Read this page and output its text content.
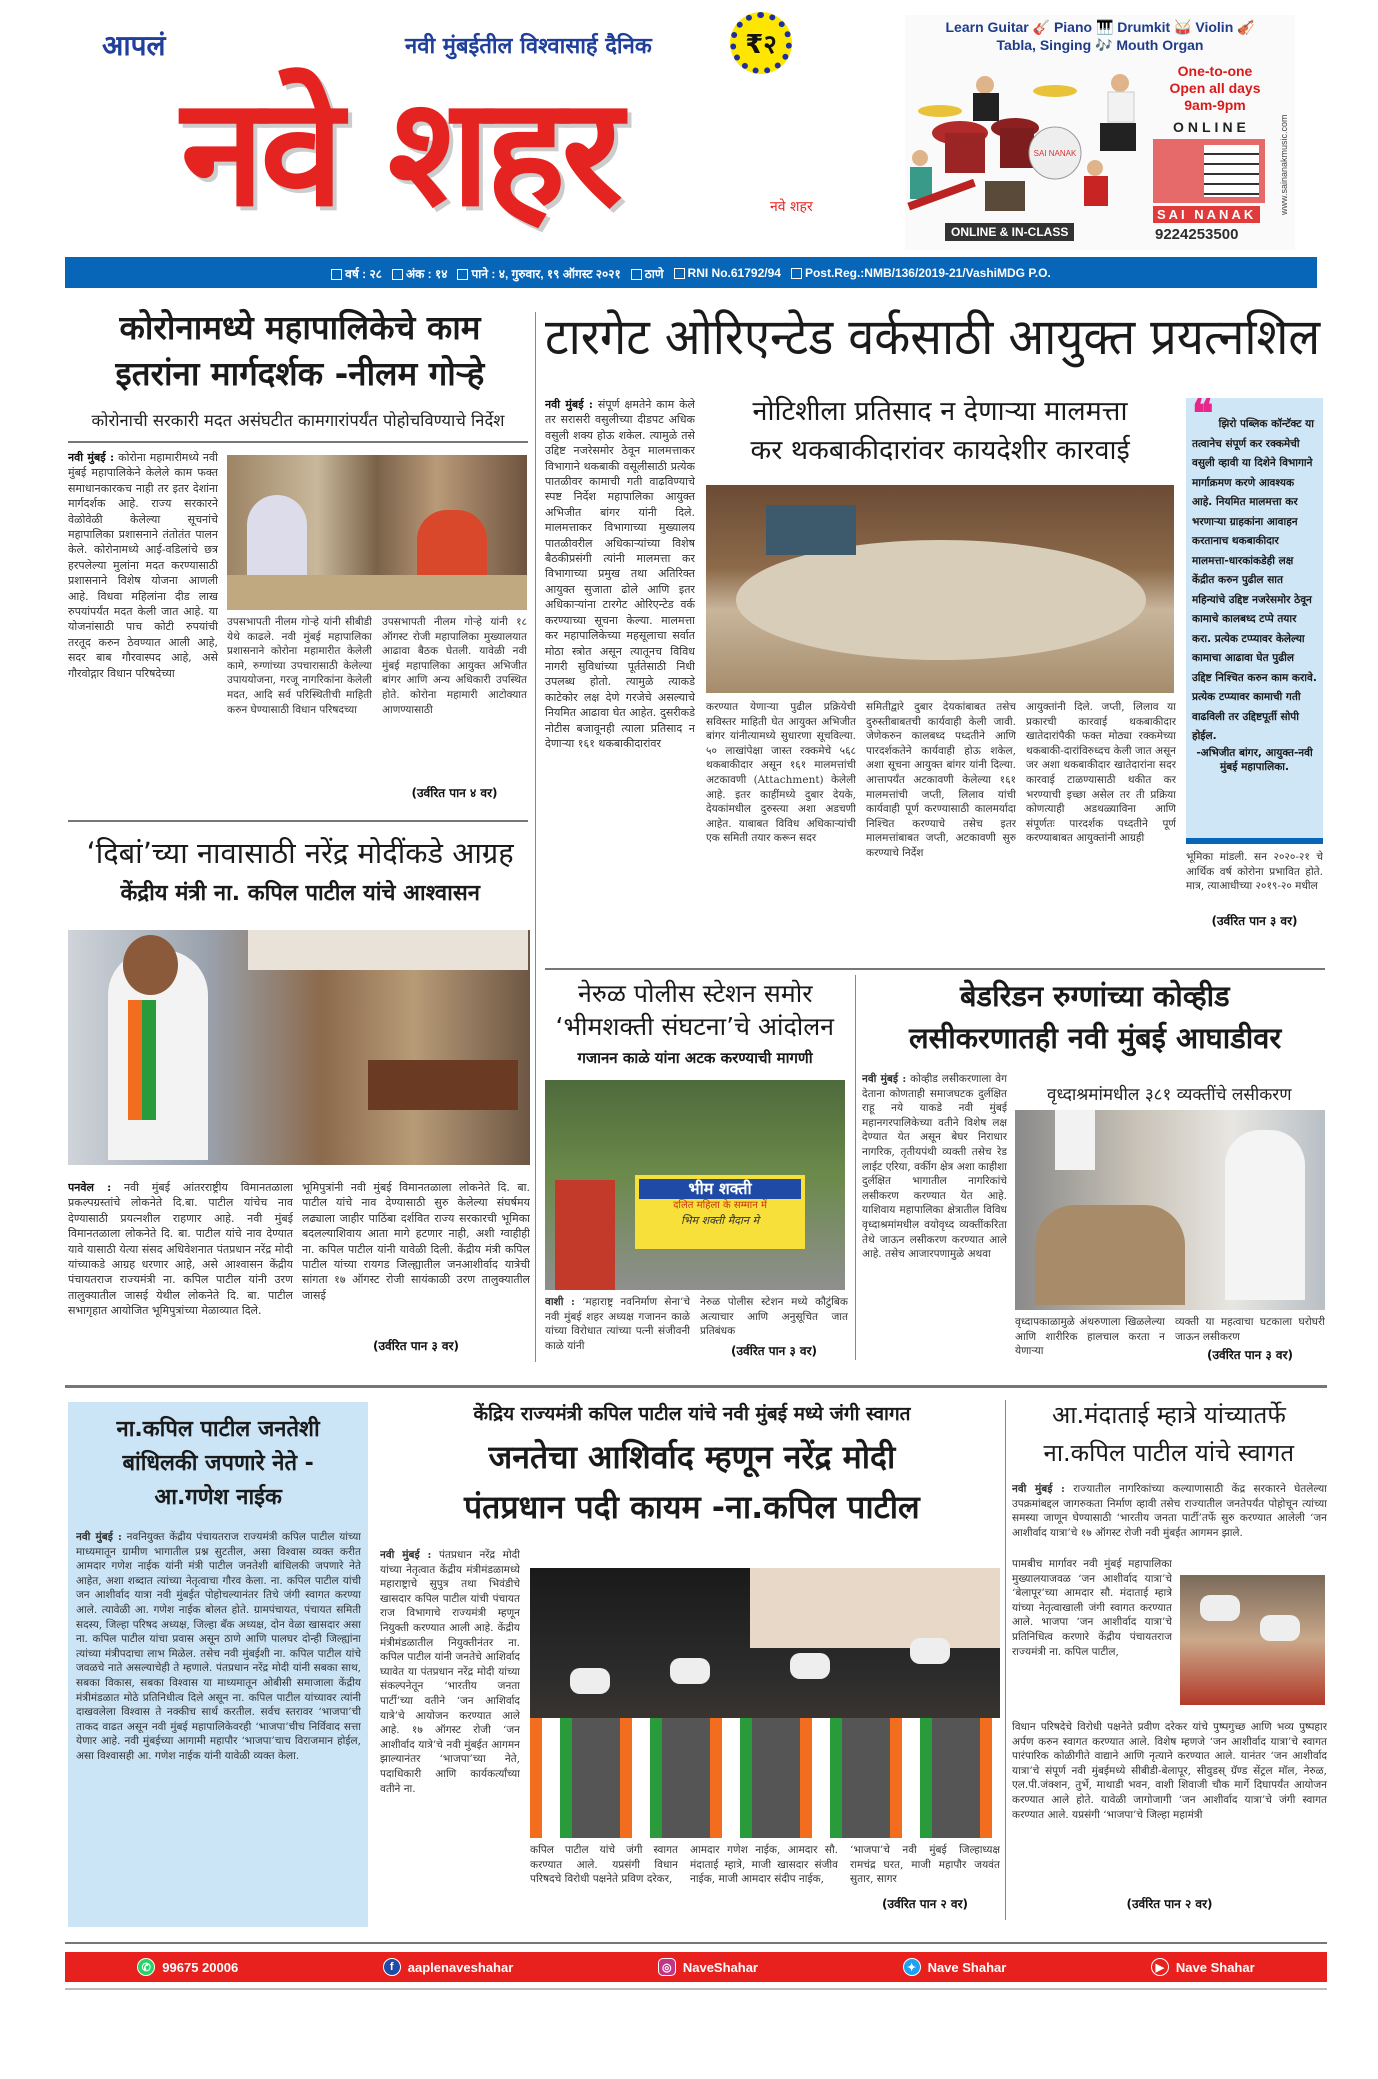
आपलं	नवी मुंबईतील विश्वासार्ह दैनिक	₹२
नवे शहर	नवे शहर
Learn Guitar 🎸 Piano 🎹 Drumkit 🥁 Violin 🎻
Tabla, Singing 🎶 Mouth Organ
SAI NANAK
ONLINE & IN-CLASS
One-to-one
Open all days
9am-9pm
ONLINE
SAI NANAK
9224253500
www.sainanakmusic.com
वर्ष : २८	अंक : १४	पाने : ४, गुरुवार, १९ ऑगस्ट २०२१	ठाणे	RNI No.61792/94	Post.Reg.:NMB/136/2019-21/VashiMDG P.O.
कोरोनामध्ये महापालिकेचे काम
इतरांना मार्गदर्शक -नीलम गोऱ्हे
कोरोनाची सरकारी मदत असंघटीत कामगारांपर्यंत पोहोचविण्याचे निर्देश
नवी मुंबई : कोरोना महामारीमध्ये नवी मुंबई महापालिकेने केलेले काम फक्त समाधानकारकच नाही तर इतर देशांना मार्गदर्शक आहे. राज्य सरकारने वेळोवेळी केलेल्या सूचनांचे महापालिका प्रशासनाने तंतोतंत पालन केले. कोरोनामध्ये आई-वडिलांचे छत्र हरपलेल्या मुलांना मदत करण्यासाठी प्रशासनाने विशेष योजना आणली आहे. विधवा महिलांना दीड लाख रुपयांपर्यंत मदत केली जात आहे. या योजनांसाठी पाच कोटी रुपयांची तरतूद करुन ठेवण्यात आली आहे, सदर बाब गौरवास्पद आहे, असे गौरवोद्गार विधान परिषदेच्या
उपसभापती नीलम गोऱ्हे यांनी सीबीडी येथे काढले. नवी मुंबई महापालिका प्रशासनाने कोरोना महामारीत केलेली कामे, रुग्णांच्या उपचारासाठी केलेल्या उपाययोजना, गरजू नागरिकांना केलेली मदत, आदि सर्व परिस्थितीची माहिती करुन घेण्यासाठी विधान परिषदच्या
उपसभापती नीलम गोऱ्हे यांनी १८ ऑगस्ट रोजी महापालिका मुख्यालयात आढावा बैठक घेतली. यावेळी नवी मुंबई महापालिका आयुक्त अभिजीत बांगर आणि अन्य अधिकारी उपस्थित होते. कोरोना महामारी आटोक्यात आणण्यासाठी
(उर्वरित पान ४ वर)
टारगेट ओरिएन्टेड वर्कसाठी आयुक्त प्रयत्नशिल
नवी मुंबई : संपूर्ण क्षमतेने काम केले तर सरासरी वसुलीच्या दीडपट अधिक वसुली शक्य होऊ शकेल. त्यामुळे तसे उद्दिष्ट नजरेसमोर ठेवून मालमत्ताकर विभागाने थकबाकी वसूलीसाठी प्रत्येक पातळीवर कामाची गती वाढविण्याचे स्पष्ट निर्देश महापालिका आयुक्त अभिजीत बांगर यांनी दिले. मालमत्ताकर विभागाच्या मुख्यालय पातळीवरील अधिकाऱ्यांच्या विशेष बैठकीप्रसंगी त्यांनी मालमत्ता कर विभागाच्या प्रमुख तथा अतिरिक्त आयुक्त सुजाता ढोले आणि इतर अधिकाऱ्यांना टारगेट ओरिएन्टेड वर्क करण्याच्या सूचना केल्या. मालमत्ता कर महापालिकेच्या महसूलाचा सर्वात मोठा स्त्रोत असून त्यातूनच विविध नागरी सुविधांच्या पूर्ततेसाठी निधी उपलब्ध होतो. त्यामुळे त्याकडे काटेकोर लक्ष देणे गरजेचे असल्याचे नियमित आढावा घेत आहेत. दुसरीकडे नोटीस बजावूनही त्याला प्रतिसाद न देणाऱ्या १६१ थकबाकीदारांवर
नोटिशीला प्रतिसाद न देणाऱ्या मालमत्ता
कर थकबाकीदारांवर कायदेशीर कारवाई
करण्यात येणाऱ्या पुढील प्रक्रियेची सविस्तर माहिती घेत आयुक्त अभिजीत बांगर यांनीत्यामध्ये सुधारणा सूचविल्या. ५० लाखांपेक्षा जास्त रक्कमेचे ५६८ थकबाकीदार असून १६१ मालमत्तांची अटकावणी (Attachment) केलेली आहे. इतर काहींमध्ये दुबार देयके, देयकांमधील दुरुस्त्या अशा अडचणी आहेत. याबाबत विविध अधिकाऱ्यांची एक समिती तयार करून सदर
समितीद्वारे दुबार देयकांबाबत तसेच दुरुस्तीबाबतची कार्यवाही केली जावी. जेणेकरुन कालबध्द पध्दतीने आणि पारदर्शकतेने कार्यवाही होऊ शकेल, अशा सूचना आयुक्त बांगर यांनी दिल्या. आत्तापर्यंत अटकावणी केलेल्या १६१ मालमत्तांची जप्ती, लिलाव यांची कार्यवाही पूर्ण करण्यासाठी कालमर्यादा निश्चित करण्याचे तसेच इतर मालमत्तांबाबत जप्ती, अटकावणी सुरु करण्याचे निर्देश
आयुक्तांनी दिले. जप्ती, लिलाव या प्रकारची कारवाई थकबाकीदार खातेदारांपैकी फक्त मोठ्या रक्कमेच्या थकबाकी-दारांविरुध्दच केली जात असून जर अशा थकबाकीदार खातेदारांना सदर कारवाई टाळण्यासाठी थकीत कर भरण्याची इच्छा असेल तर ती प्रक्रिया कोणत्याही अडथळ्याविना आणि संपूर्णतः पारदर्शक पध्दतीने पूर्ण करण्याबाबत आयुक्तांनी आग्रही
❝ झिरो पब्लिक कॉन्टॅक्ट या तत्वानेच संपूर्ण कर रक्कमेची वसुली व्हावी या दिशेने विभागाने मार्गाक्रमण करणे आवश्यक आहे. नियमित मालमत्ता कर भरणाऱ्या ग्राहकांना आवाहन करतानाच थकबाकीदार मालमत्ता-धारकांकडेही लक्ष केंद्रीत करुन पुढील सात महिन्यांचे उद्दिष्ट नजरेसमोर ठेवून कामाचे कालबध्द टप्पे तयार करा. प्रत्येक टप्प्यावर केलेल्या कामाचा आढावा घेत पुढील उद्दिष्ट निश्चित करुन काम करावे. प्रत्येक टप्प्यावर कामाची गती वाढविली तर उद्दिष्टपूर्ती सोपी होईल.
-अभिजीत बांगर, आयुक्त-नवी मुंबई महापालिका.
भूमिका मांडली. सन २०२०-२१ चे आर्थिक वर्ष कोरोना प्रभावित होते. मात्र, त्याआधीच्या २०१९-२० मधील
(उर्वरित पान ३ वर)
‘दिबां’च्या नावासाठी नरेंद्र मोदींकडे आग्रह
केंद्रीय मंत्री ना. कपिल पाटील यांचे आश्वासन
पनवेल : नवी मुंबई आंतरराष्ट्रीय विमानतळाला प्रकल्पग्रस्तांचे लोकनेते दि.बा. पाटील यांचेच नाव देण्यासाठी प्रयत्नशील राहणार आहे. नवी मुंबई विमानतळाला लोकनेते दि. बा. पाटील यांचे नाव देण्यात यावे यासाठी येत्या संसद अधिवेशनात पंतप्रधान नरेंद्र मोदी यांच्याकडे आग्रह धरणार आहे, असे आश्वासन केंद्रीय पंचायतराज राज्यमंत्री ना. कपिल पाटील यांनी उरण तालुक्यातील जासई येथील लोकनेते दि. बा. पाटील सभागृहात आयोजित भूमिपुत्रांच्या मेळाव्यात दिले.
भूमिपुत्रांनी नवी मुंबई विमानतळाला लोकनेते दि. बा. पाटील यांचे नाव देण्यासाठी सुरु केलेल्या संघर्षमय लढ्याला जाहीर पाठिंबा दर्शवित राज्य सरकारची भूमिका बदलल्याशिवाय आता मागे हटणार नाही, अशी ग्वाहीही ना. कपिल पाटील यांनी यावेळी दिली. केंद्रीय मंत्री कपिल पाटील यांच्या रायगड जिल्ह्यातील जनआशीर्वाद यात्रेची सांगता १७ ऑगस्ट रोजी सायंकाळी उरण तालुक्यातील जासई
(उर्वरित पान ३ वर)
नेरुळ पोलीस स्टेशन समोर
‘भीमशक्ती संघटना’चे आंदोलन
गजानन काळे यांना अटक करण्याची मागणी
भीम शक्ती
दलित महिला के सम्मान में
भिम शक्ती मैदान मे
वाशी : ‘महाराष्ट्र नवनिर्माण सेना’चे नवी मुंबई शहर अध्यक्ष गजानन काळे यांच्या विरोधात त्यांच्या पत्नी संजीवनी काळे यांनी
नेरुळ पोलीस स्टेशन मध्ये कौटुंबिक अत्याचार आणि अनुसूचित जात प्रतिबंधक
(उर्वरित पान ३ वर)
बेडरिडन रुग्णांच्या कोव्हीड
लसीकरणातही नवी मुंबई आघाडीवर
नवी मुंबई : कोव्हीड लसीकरणाला वेग देताना कोणताही समाजघटक दुर्लक्षित राहू नये याकडे नवी मुंबई महानगरपालिकेच्या वतीने विशेष लक्ष देण्यात येत असून बेघर निराधार नागरिक, तृतीयपंथी व्यक्ती तसेच रेड लाईट एरिया, वर्कीग क्षेत्र अशा काहीशा दुर्लक्षित भागातील नागरिकांचे लसीकरण करण्यात येत आहे. याशिवाय महापालिका क्षेत्रातील विविध वृध्दाश्रमांमधील वयोवृध्द व्यक्तींकरिता तेथे जाऊन लसीकरण करण्यात आले आहे. तसेच आजारपणामुळे अथवा
वृध्दाश्रमांमधील ३८१ व्यक्तींचे लसीकरण
वृध्दापकाळामुळे अंथरुणाला खिळलेल्या आणि शारीरिक हालचाल करता न येणाऱ्या
व्यक्ती या महत्वाचा घटकाला घरोघरी जाऊन लसीकरण
(उर्वरित पान ३ वर)
ना.कपिल पाटील जनतेशी
बांधिलकी जपणारे नेते -
आ.गणेश नाईक
नवी मुंबई : नवनियुक्त केंद्रीय पंचायतराज राज्यमंत्री कपिल पाटील यांच्या माध्यमातून ग्रामीण भागातील प्रश्न सुटतील, असा विश्वास व्यक्त करीत आमदार गणेश नाईक यांनी मंत्री पाटील जनतेशी बांधिलकी जपणारे नेते आहेत, अशा शब्दात त्यांच्या नेतृत्वाचा गौरव केला. ना. कपिल पाटील यांची जन आशीर्वाद यात्रा नवी मुंबईत पोहोचल्यानंतर तिचे जंगी स्वागत करण्या आले. त्यावेळी आ. गणेश नाईक बोलत होते. ग्रामपंचायत, पंचायत समिती सदस्य, जिल्हा परिषद अध्यक्ष, जिल्हा बँक अध्यक्ष, दोन वेळा खासदार असा ना. कपिल पाटील यांचा प्रवास असून ठाणे आणि पालघर दोन्ही जिल्ह्यांना त्यांच्या मंत्रीपदाचा लाभ मिळेल. तसेच नवी मुंबईशी ना. कपिल पाटील यांचे जवळचे नाते असल्याचेही ते म्हणाले. पंतप्रधान नरेंद्र मोदी यांनी सबका साथ, सबका विकास, सबका विश्वास या माध्यमातून ओबीसी समाजाला केंद्रीय मंत्रीमंडळात मोठे प्रतिनिधीत्व दिले असून ना. कपिल पाटील यांच्यावर त्यांनी दाखवलेला विश्वास ते नक्कीच सार्थ करतील. सर्वच स्तरावर ‘भाजपा’ची ताकद वाढत असून नवी मुंबई महापालिकेवरही ‘भाजपा’चीच निर्विवाद सत्ता येणार आहे. नवी मुंबईच्या आगामी महापौर ‘भाजपा’चाच विराजमान होईल, असा विश्वासही आ. गणेश नाईक यांनी यावेळी व्यक्त केला.
केंद्रिय राज्यमंत्री कपिल पाटील यांचे नवी मुंबई मध्ये जंगी स्वागत
जनतेचा आशिर्वाद म्हणून नरेंद्र मोदी
पंतप्रधान पदी कायम -ना.कपिल पाटील
नवी मुंबई : पंतप्रधान नरेंद्र मोदी यांच्या नेतृत्वात केंद्रीय मंत्रीमंडळामध्ये महाराष्ट्राचे सुपुत्र तथा भिवंडीचे खासदार कपिल पाटील यांची पंचायत राज विभागाचे राज्यमंत्री म्हणून नियुक्ती करण्यात आली आहे. केंद्रीय मंत्रीमंडळातील नियुक्तीनंतर ना. कपिल पाटील यांनी जनतेचे आशिर्वाद घ्यावेत या पंतप्रधान नरेंद्र मोदी यांच्या संकल्पनेतून ‘भारतीय जनता पार्टी’च्या वतीने ‘जन आशिर्वाद यात्रे’चे आयोजन करण्यात आले आहे. १७ ऑगस्ट रोजी ‘जन आशीर्वाद यात्रे’चे नवी मुंबईत आगमन झाल्यानंतर ‘भाजपा’च्या नेते, पदाधिकारी आणि कार्यकर्त्यांच्या वतीने ना.
कपिल पाटील यांचे जंगी स्वागत करण्यात आले. यप्रसंगी विधान परिषदचे विरोधी पक्षनेते प्रविण दरेकर,
आमदार गणेश नाईक, आमदार सौ. मंदाताई म्हात्रे, माजी खासदार संजीव नाईक, माजी आमदार संदीप नाईक,
‘भाजपा’चे नवी मुंबई जिल्हाध्यक्ष रामचंद्र घरत, माजी महापौर जयवंत सुतार, सागर
(उर्वरित पान २ वर)
आ.मंदाताई म्हात्रे यांच्यातर्फे
ना.कपिल पाटील यांचे स्वागत
नवी मुंबई : राज्यातील नागरिकांच्या कल्याणासाठी केंद्र सरकारने घेतलेल्या उपक्रमांबद्दल जागरुकता निर्माण व्हावी तसेच राज्यातील जनतेपर्यंत पोहोचून त्यांच्या समस्या जाणून घेण्यासाठी ‘भारतीय जनता पार्टी’तर्फे सुरु करण्यात आलेली ‘जन आशीर्वाद यात्रा’चे १७ ऑगस्ट रोजी नवी मुंबईत आगमन झाले.
पामबीच मार्गावर नवी मुंबई महापालिका मुख्यालयाजवळ ‘जन आशीर्वाद यात्रा’चे ‘बेलापूर’च्या आमदार सौ. मंदाताई म्हात्रे यांच्या नेतृत्वाखाली जंगी स्वागत करण्यात आले. भाजपा ‘जन आशीर्वाद यात्रा’चे प्रतिनिधित्व करणारे केंद्रीय पंचायतराज राज्यमंत्री ना. कपिल पाटील,
विधान परिषदेचे विरोधी पक्षनेते प्रवीण दरेकर यांचे पुष्पगुच्छ आणि भव्य पुष्पहार अर्पण करुन स्वागत करण्यात आले. विशेष म्हणजे ‘जन आशीर्वाद यात्रा’चे स्वागत पारंपारिक कोळीगीते वाद्याने आणि नृत्याने करण्यात आले. यानंतर ‘जन आशीर्वाद यात्रा’चे संपूर्ण नवी मुंबईमध्ये सीबीडी-बेलापूर, सीवुडस् ग्रॅण्ड सेंट्रल मॉल, नेरुळ, एल.पी.जंक्शन, तुर्भे, माथाडी भवन, वाशी शिवाजी चौक मार्गे दिघापर्यंत आयोजन करण्यात आले होते. यावेळी जागोजागी ‘जन आशीर्वाद यात्रा’चे जंगी स्वागत करण्यात आले. यप्रसंगी ‘भाजपा’चे जिल्हा महामंत्री
(उर्वरित पान २ वर)
✆ 99675 20006	f	aaplenaveshahar	◎ NaveShahar	✦ Nave Shahar	▶ Nave Shahar
